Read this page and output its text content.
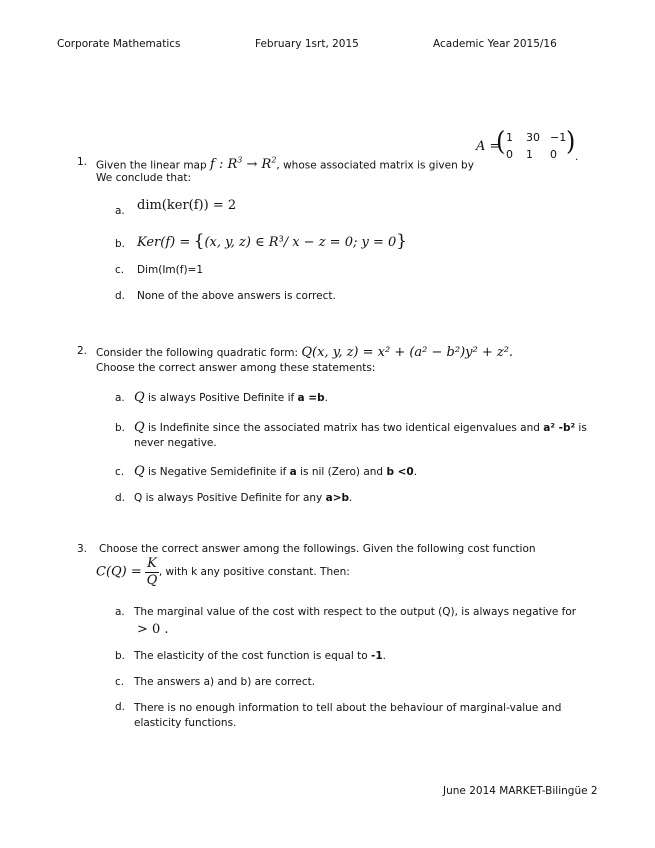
Corporate Mathematics	February 1srt, 2015	Academic Year 2015/16
A =
( 1 30 −1
0 1 0 )
.
1. Given the linear map f : $R^3 \to R^2$, whose associated matrix is given by
We conclude that:
a. dim(ker(f)) = 2
b. Ker(f) = {(x, y, z) ∈ $R^3/$ x − z = 0; y = 0}
c. Dim(Im(f)=1
d. None of the above answers is correct.
2. Consider the following quadratic form: Q(x, y, z) = x² + (a² − b²)y² + z².
Choose the correct answer among these statements:
a. Q is always Positive Definite if a =b.
b. Q is Indefinite since the associated matrix has two identical eigenvalues and a² -b² is never negative.
c. Q is Negative Semidefinite if a is nil (Zero) and b <0.
d. Q is always Positive Definite for any a>b.
3. Choose the correct answer among the followings. Given the following cost function
$C(Q) = \frac{K}{Q}$ , with k any positive constant. Then:
a. The marginal value of the cost with respect to the output (Q), is always negative for
> 0 .
b. The elasticity of the cost function is equal to -1.
c. The answers a) and b) are correct.
d. There is no enough information to tell about the behaviour of marginal-value and elasticity functions.
June 2014 MARKET-Bilingüe 2
